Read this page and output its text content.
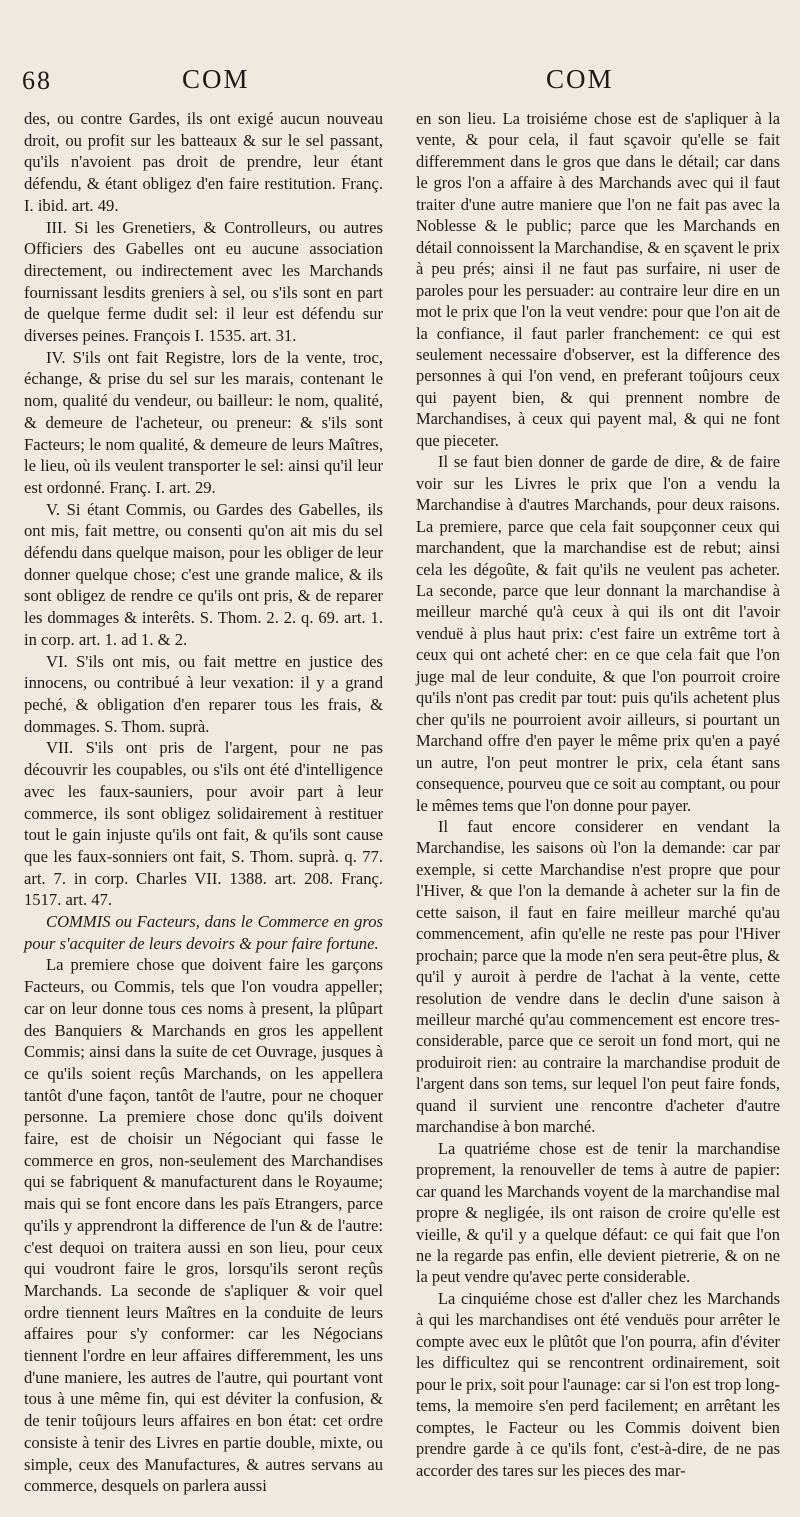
68	COM	COM

des, ou contre Gardes, ils ont exigé aucun nouveau droit, ou profit sur les batteaux & sur le sel passant, qu'ils n'avoient pas droit de prendre, leur étant défendu, & étant obligez d'en faire restitution. Franç. I. ibid. art. 49.

III. Si les Grenetiers, & Controlleurs, ou autres Officiers des Gabelles ont eu aucune association directement, ou indirectement avec les Marchands fournissant lesdits greniers à sel, ou s'ils sont en part de quelque ferme dudit sel: il leur est défendu sur diverses peines. François I. 1535. art. 31.

IV. S'ils ont fait Registre, lors de la vente, troc, échange, & prise du sel sur les marais, contenant le nom, qualité du vendeur, ou bailleur: le nom, qualité, & demeure de l'acheteur, ou preneur: & s'ils sont Facteurs; le nom qualité, & demeure de leurs Maîtres, le lieu, où ils veulent transporter le sel: ainsi qu'il leur est ordonné. Franç. I. art. 29.

V. Si étant Commis, ou Gardes des Gabelles, ils ont mis, fait mettre, ou consenti qu'on ait mis du sel défendu dans quelque maison, pour les obliger de leur donner quelque chose; c'est une grande malice, & ils sont obligez de rendre ce qu'ils ont pris, & de reparer les dommages & interêts. S. Thom. 2. 2. q. 69. art. 1. in corp. art. 1. ad 1. & 2.

VI. S'ils ont mis, ou fait mettre en justice des innocens, ou contribué à leur vexation: il y a grand peché, & obligation d'en reparer tous les frais, & dommages. S. Thom. suprà.

VII. S'ils ont pris de l'argent, pour ne pas découvrir les coupables, ou s'ils ont été d'intelligence avec les faux-sauniers, pour avoir part à leur commerce, ils sont obligez solidairement à restituer tout le gain injuste qu'ils ont fait, & qu'ils sont cause que les faux-sonniers ont fait, S. Thom. suprà. q. 77. art. 7. in corp. Charles VII. 1388. art. 208. Franç. 1517. art. 47.

COMMIS ou Facteurs, dans le Commerce en gros pour s'acquiter de leurs devoirs & pour faire fortune.

La premiere chose que doivent faire les garçons Facteurs, ou Commis, tels que l'on voudra appeller; car on leur donne tous ces noms à present, la plûpart des Banquiers & Marchands en gros les appellent Commis; ainsi dans la suite de cet Ouvrage, jusques à ce qu'ils soient reçûs Marchands, on les appellera tantôt d'une façon, tantôt de l'autre, pour ne choquer personne. La premiere chose donc qu'ils doivent faire, est de choisir un Négociant qui fasse le commerce en gros, non-seulement des Marchandises qui se fabriquent & manufacturent dans le Royaume; mais qui se font encore dans les païs Etrangers, parce qu'ils y apprendront la difference de l'un & de l'autre: c'est dequoi on traitera aussi en son lieu, pour ceux qui voudront faire le gros, lorsqu'ils seront reçûs Marchands. La seconde de s'apliquer & voir quel ordre tiennent leurs Maîtres en la conduite de leurs affaires pour s'y conformer: car les Négocians tiennent l'ordre en leur affaires differemment, les uns d'une maniere, les autres de l'autre, qui pourtant vont tous à une même fin, qui est déviter la confusion, & de tenir toûjours leurs affaires en bon état: cet ordre consiste à tenir des Livres en partie double, mixte, ou simple, ceux des Manufactures, & autres servans au commerce, desquels on parlera aussi

en son lieu. La troisiéme chose est de s'apliquer à la vente, & pour cela, il faut sçavoir qu'elle se fait differemment dans le gros que dans le détail; car dans le gros l'on a affaire à des Marchands avec qui il faut traiter d'une autre maniere que l'on ne fait pas avec la Noblesse & le public; parce que les Marchands en détail connoissent la Marchandise, & en sçavent le prix à peu prés; ainsi il ne faut pas surfaire, ni user de paroles pour les persuader: au contraire leur dire en un mot le prix que l'on la veut vendre: pour que l'on ait de la confiance, il faut parler franchement: ce qui est seulement necessaire d'observer, est la difference des personnes à qui l'on vend, en preferant toûjours ceux qui payent bien, & qui prennent nombre de Marchandises, à ceux qui payent mal, & qui ne font que pieceter.

Il se faut bien donner de garde de dire, & de faire voir sur les Livres le prix que l'on a vendu la Marchandise à d'autres Marchands, pour deux raisons. La premiere, parce que cela fait soupçonner ceux qui marchandent, que la marchandise est de rebut; ainsi cela les dégoûte, & fait qu'ils ne veulent pas acheter. La seconde, parce que leur donnant la marchandise à meilleur marché qu'à ceux à qui ils ont dit l'avoir venduë à plus haut prix: c'est faire un extrême tort à ceux qui ont acheté cher: en ce que cela fait que l'on juge mal de leur conduite, & que l'on pourroit croire qu'ils n'ont pas credit par tout: puis qu'ils achetent plus cher qu'ils ne pourroient avoir ailleurs, si pourtant un Marchand offre d'en payer le même prix qu'en a payé un autre, l'on peut montrer le prix, cela étant sans consequence, pourveu que ce soit au comptant, ou pour le mêmes tems que l'on donne pour payer.

Il faut encore considerer en vendant la Marchandise, les saisons où l'on la demande: car par exemple, si cette Marchandise n'est propre que pour l'Hiver, & que l'on la demande à acheter sur la fin de cette saison, il faut en faire meilleur marché qu'au commencement, afin qu'elle ne reste pas pour l'Hiver prochain; parce que la mode n'en sera peut-être plus, & qu'il y auroit à perdre de l'achat à la vente, cette resolution de vendre dans le declin d'une saison à meilleur marché qu'au commencement est encore tres-considerable, parce que ce seroit un fond mort, qui ne produiroit rien: au contraire la marchandise produit de l'argent dans son tems, sur lequel l'on peut faire fonds, quand il survient une rencontre d'acheter d'autre marchandise à bon marché.

La quatriéme chose est de tenir la marchandise proprement, la renouveller de tems à autre de papier: car quand les Marchands voyent de la marchandise mal propre & negligée, ils ont raison de croire qu'elle est vieille, & qu'il y a quelque défaut: ce qui fait que l'on ne la regarde pas enfin, elle devient pietrerie, & on ne la peut vendre qu'avec perte considerable.

La cinquiéme chose est d'aller chez les Marchands à qui les marchandises ont été venduës pour arrêter le compte avec eux le plûtôt que l'on pourra, afin d'éviter les difficultez qui se rencontrent ordinairement, soit pour le prix, soit pour l'aunage: car si l'on est trop long-tems, la memoire s'en perd facilement; en arrêtant les comptes, le Facteur ou les Commis doivent bien prendre garde à ce qu'ils font, c'est-à-dire, de ne pas accorder des tares sur les pieces des mar-
